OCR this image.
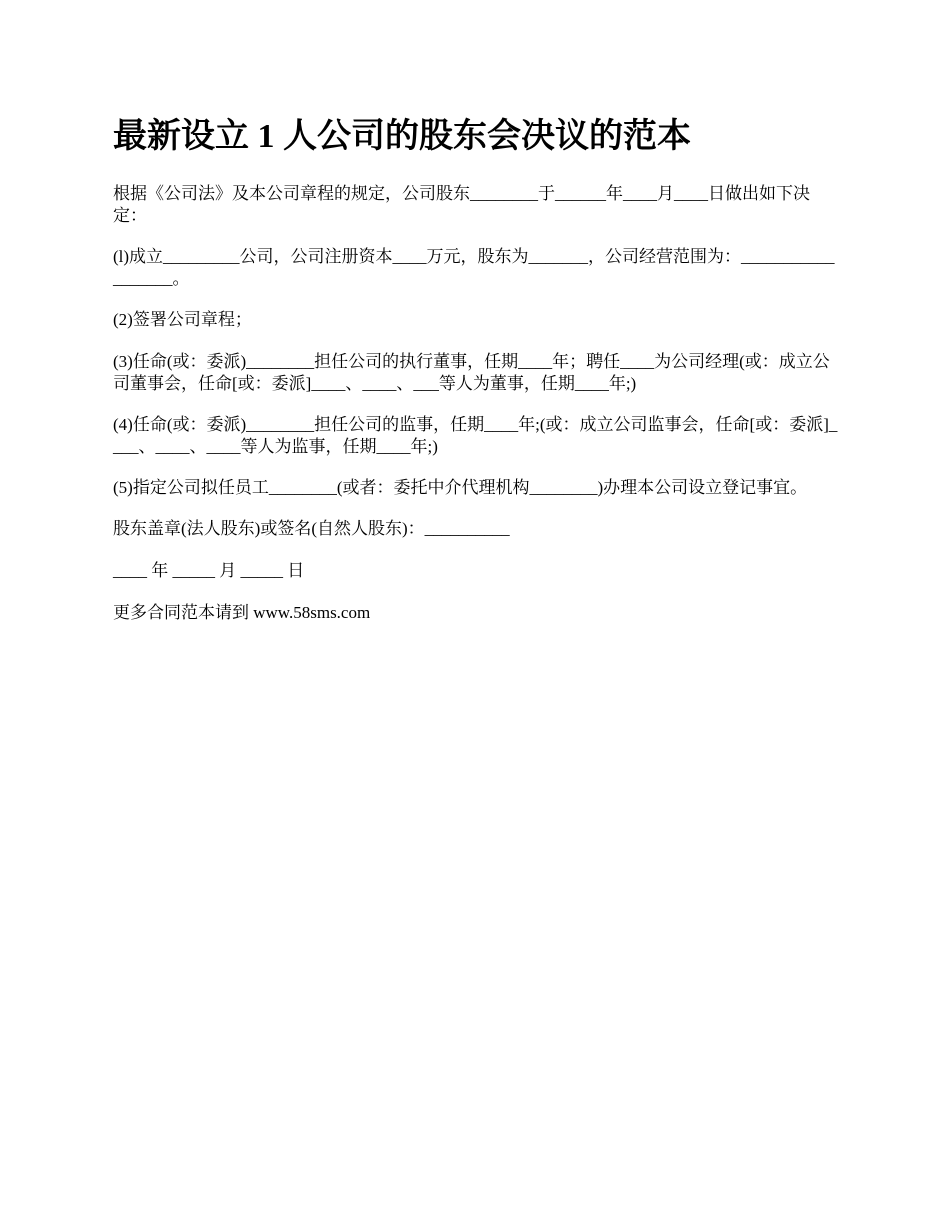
最新设立 1 人公司的股东会决议的范本

根据《公司法》及本公司章程的规定，公司股东________于______年____月____日做出如下决定：

(l)成立_________公司，公司注册资本____万元，股东为_______，公司经营范围为：__________________。

(2)签署公司章程；

(3)任命(或：委派)________担任公司的执行董事，任期____年；聘任____为公司经理(或：成立公司董事会，任命[或：委派]____、____、___等人为董事，任期____年;)

(4)任命(或：委派)________担任公司的监事，任期____年;(或：成立公司监事会，任命[或：委派]____、____、____等人为监事，任期____年;)

(5)指定公司拟任员工________(或者：委托中介代理机构________)办理本公司设立登记事宜。

股东盖章(法人股东)或签名(自然人股东)：__________

____ 年 _____ 月 _____ 日

更多合同范本请到 www.58sms.com
